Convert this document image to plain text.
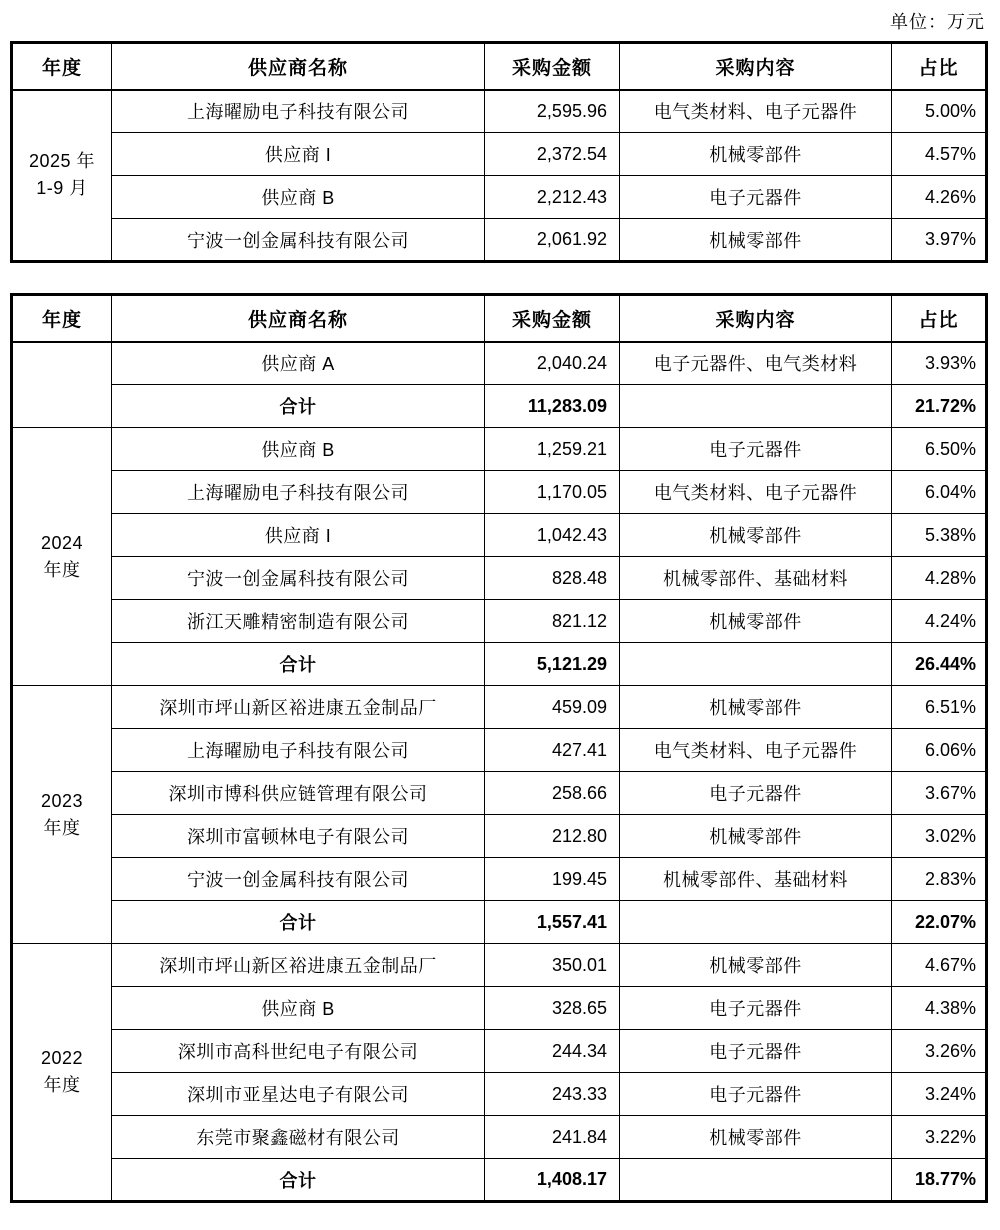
单位：万元
年度	供应商名称	采购金额	采购内容	占比

2025 年
1-9 月	上海曜励电子科技有限公司	2,595.96	电气类材料、电子元器件	5.00%
	供应商 I	2,372.54	机械零部件	4.57%
	供应商 B	2,212.43	电子元器件	4.26%
	宁波一创金属科技有限公司	2,061.92	机械零部件	3.97%
年度	供应商名称	采购金额	采购内容	占比
	供应商 A	2,040.24	电子元器件、电气类材料	3.93%
	合计	11,283.09		21.72%

2024
年度	供应商 B	1,259.21	电子元器件	6.50%
	上海曜励电子科技有限公司	1,170.05	电气类材料、电子元器件	6.04%
	供应商 I	1,042.43	机械零部件	5.38%
	宁波一创金属科技有限公司	828.48	机械零部件、基础材料	4.28%
	浙江天雕精密制造有限公司	821.12	机械零部件	4.24%
	合计	5,121.29		26.44%

2023
年度	深圳市坪山新区裕进康五金制品厂	459.09	机械零部件	6.51%
	上海曜励电子科技有限公司	427.41	电气类材料、电子元器件	6.06%
	深圳市博科供应链管理有限公司	258.66	电子元器件	3.67%
	深圳市富顿林电子有限公司	212.80	机械零部件	3.02%
	宁波一创金属科技有限公司	199.45	机械零部件、基础材料	2.83%
	合计	1,557.41		22.07%

2022
年度	深圳市坪山新区裕进康五金制品厂	350.01	机械零部件	4.67%
	供应商 B	328.65	电子元器件	4.38%
	深圳市高科世纪电子有限公司	244.34	电子元器件	3.26%
	深圳市亚星达电子有限公司	243.33	电子元器件	3.24%
	东莞市聚鑫磁材有限公司	241.84	机械零部件	3.22%
	合计	1,408.17		18.77%
